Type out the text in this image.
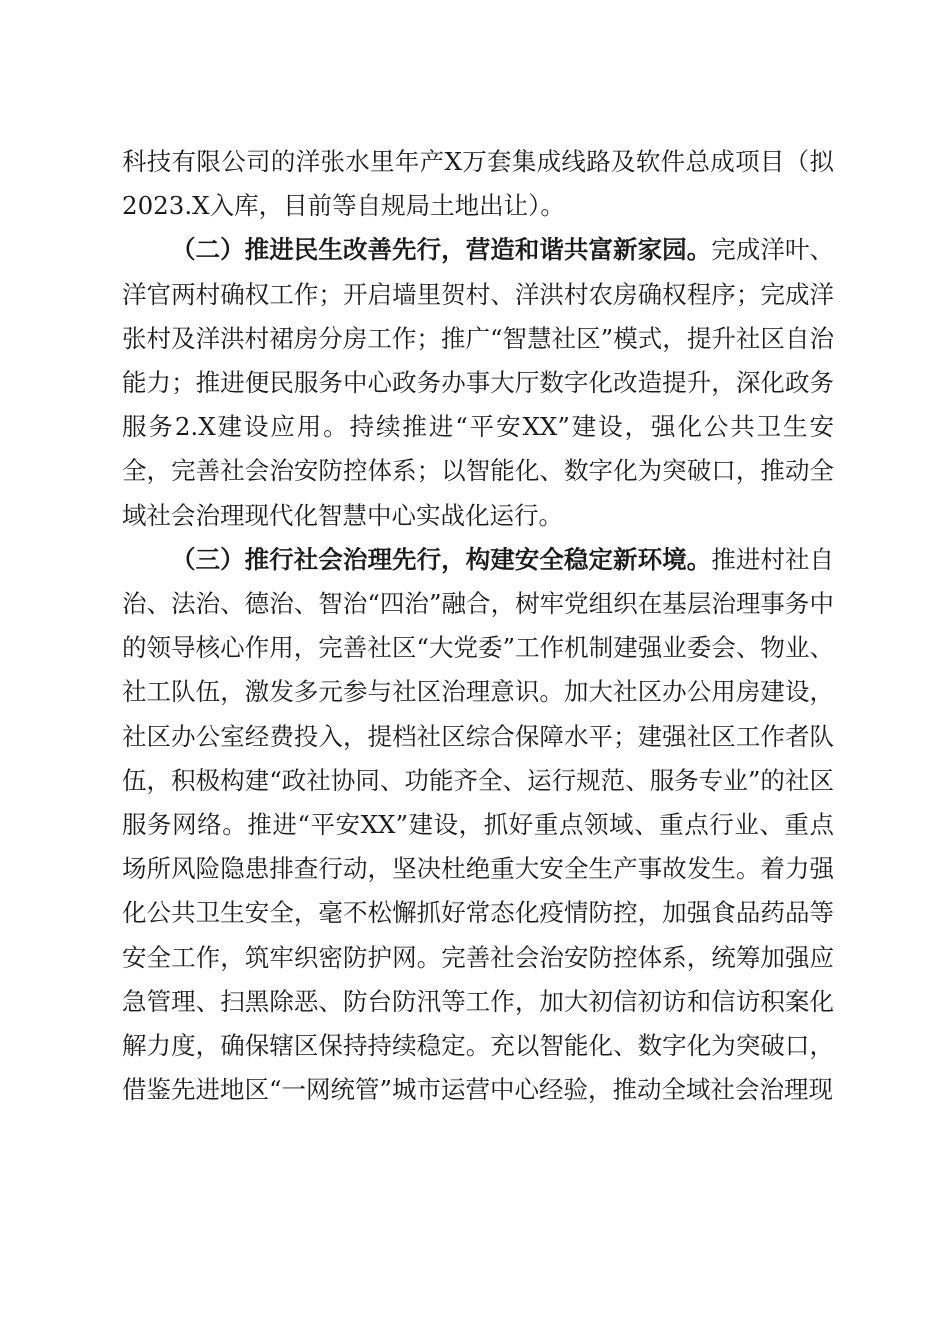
科技有限公司的洋张水里年产X万套集成线路及软件总成项目（拟2023.X入库，目前等自规局土地出让）。

（二）推进民生改善先行，营造和谐共富新家园。完成洋叶、洋官两村确权工作；开启墙里贺村、洋洪村农房确权程序；完成洋张村及洋洪村裙房分房工作；推广“智慧社区”模式，提升社区自治能力；推进便民服务中心政务办事大厅数字化改造提升，深化政务服务2.X建设应用。持续推进“平安XX”建设，强化公共卫生安全，完善社会治安防控体系；以智能化、数字化为突破口，推动全域社会治理现代化智慧中心实战化运行。

（三）推行社会治理先行，构建安全稳定新环境。推进村社自治、法治、德治、智治“四治”融合，树牢党组织在基层治理事务中的领导核心作用，完善社区“大党委”工作机制建强业委会、物业、社工队伍，激发多元参与社区治理意识。加大社区办公用房建设，社区办公室经费投入，提档社区综合保障水平；建强社区工作者队伍，积极构建“政社协同、功能齐全、运行规范、服务专业”的社区服务网络。推进“平安XX”建设，抓好重点领域、重点行业、重点场所风险隐患排查行动，坚决杜绝重大安全生产事故发生。着力强化公共卫生安全，毫不松懈抓好常态化疫情防控，加强食品药品等安全工作，筑牢织密防护网。完善社会治安防控体系，统筹加强应急管理、扫黑除恶、防台防汛等工作，加大初信初访和信访积案化解力度，确保辖区保持持续稳定。充以智能化、数字化为突破口，借鉴先进地区“一网统管”城市运营中心经验，推动全域社会治理现
